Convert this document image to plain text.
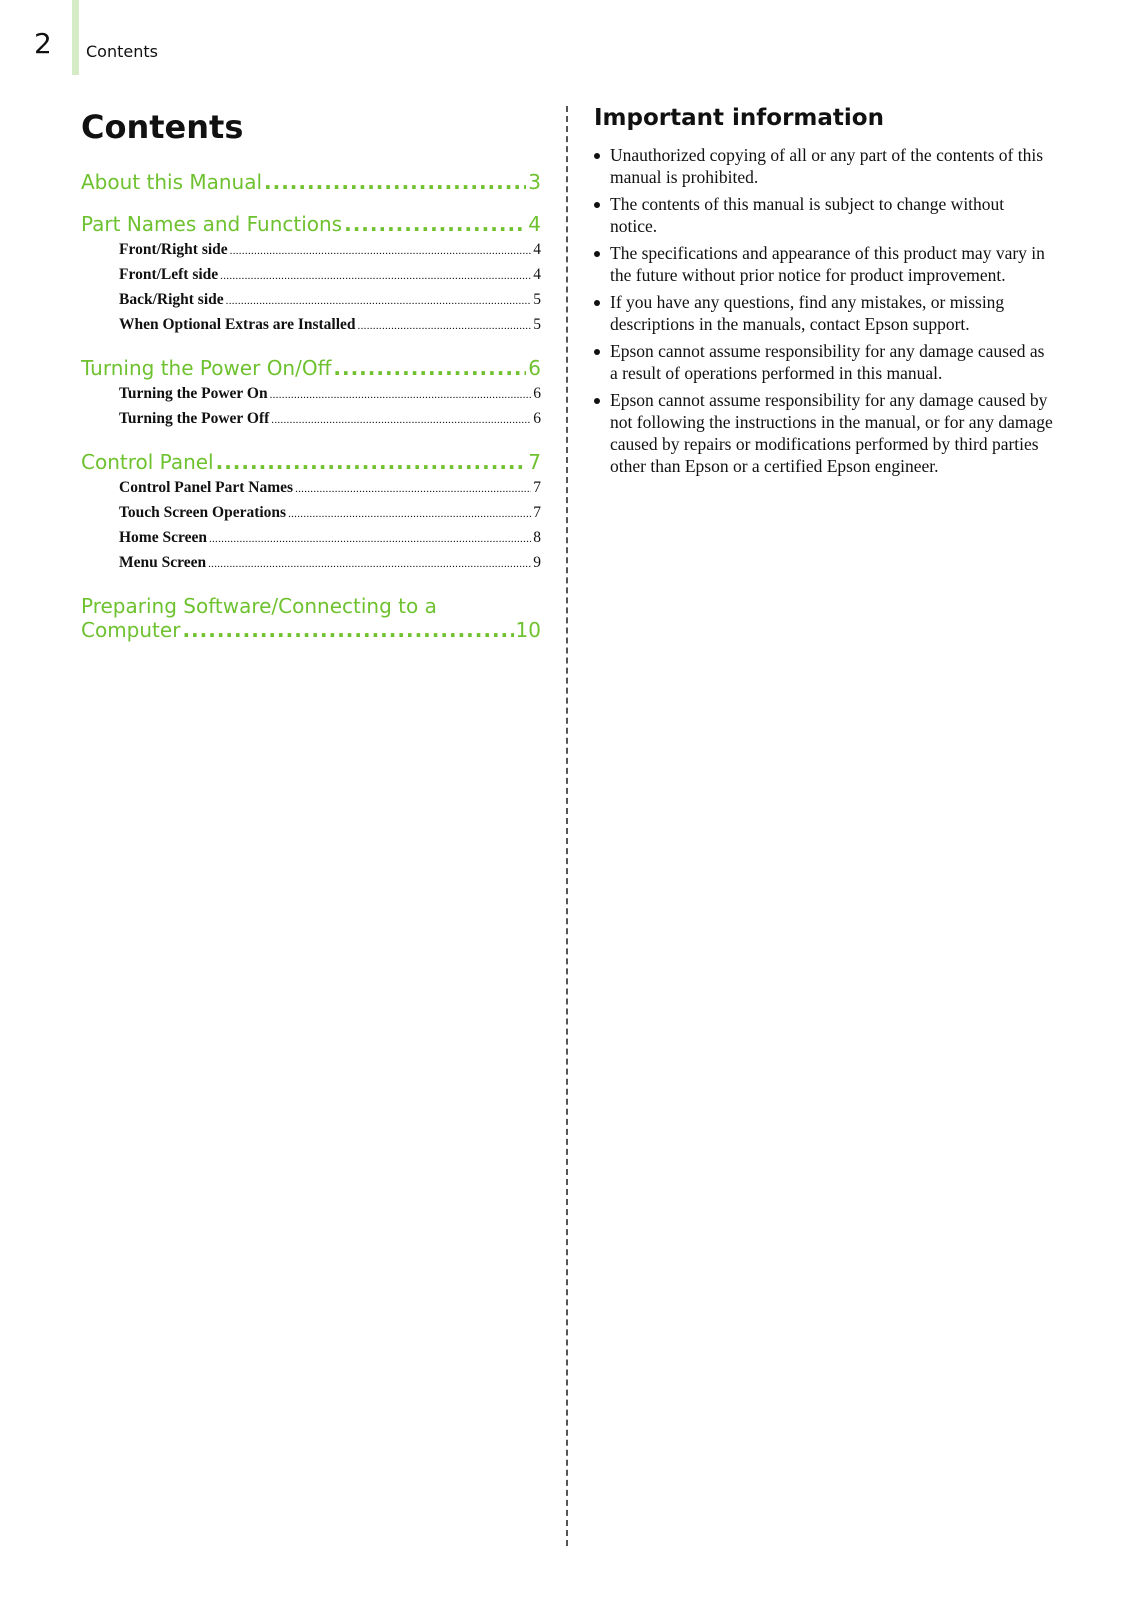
2 Contents
Contents
About this Manual .....	3
Part Names and Functions .....	4
Front/Right side .....	4
Front/Left side .....	4
Back/Right side .....	5
When Optional Extras are Installed .....	5
Turning the Power On/Off .....	6
Turning the Power On .....	6
Turning the Power Off .....	6
Control Panel .....	7
Control Panel Part Names .....	7
Touch Screen Operations .....	7
Home Screen .....	8
Menu Screen .....	9
Preparing Software/Connecting to a
Computer .....	10
Important information
Unauthorized copying of all or any part of the contents of this manual is prohibited.
The contents of this manual is subject to change without notice.
The specifications and appearance of this product may vary in the future without prior notice for product improvement.
If you have any questions, find any mistakes, or missing descriptions in the manuals, contact Epson support.
Epson cannot assume responsibility for any damage caused as a result of operations performed in this manual.
Epson cannot assume responsibility for any damage caused by not following the instructions in the manual, or for any damage caused by repairs or modifications performed by third parties other than Epson or a certified Epson engineer.
